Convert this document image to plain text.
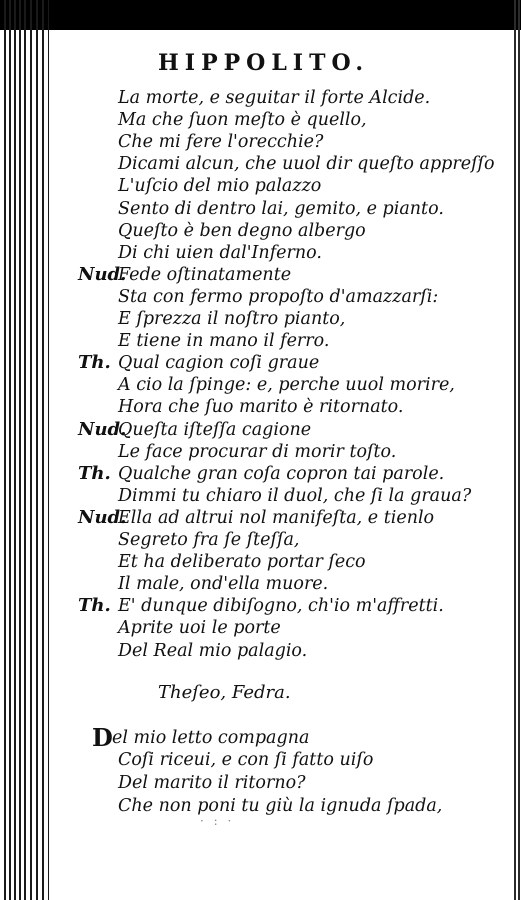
HIPPOLITO.
La morte, e seguitar il forte Alcide.
Ma che ſuon meſto è quello,
Che mi fere l'orecchie?
Dicami alcun, che uuol dir queſto appreſſo
L'uſcio del mio palazzo
Sento di dentro lai, gemito, e pianto.
Queſto è ben degno albergo
Di chi uien dal'Inferno.
Nud.
Fede oſtinatamente
Sta con fermo propoſto d'amazzarſi:
E ſprezza il noſtro pianto,
E tiene in mano il ferro.
Th. Qual cagion coſi graue
A cio la ſpinge: e, perche uuol morire,
Hora che ſuo marito è ritornato.
Nud.
Queſta iſteſſa cagione
Le face procurar di morir toſto.
Th. Qualche gran coſa copron tai parole.
Dimmi tu chiaro il duol, che ſi la graua?
Nud.
Ella ad altrui nol manifeſta, e tienlo
Segreto fra ſe ſteſſa,
Et ha deliberato portar ſeco
Il male, ond'ella muore.
Th. E' dunque dibiſogno, ch'io m'affretti.
Aprite uoi le porte
Del Real mio palagio.
Theſeo, Fedra.
D el mio letto compagna
Coſi riceui, e con ſi fatto uiſo
Del marito il ritorno?
Che non poni tu giù la ignuda ſpada,
· : ·
